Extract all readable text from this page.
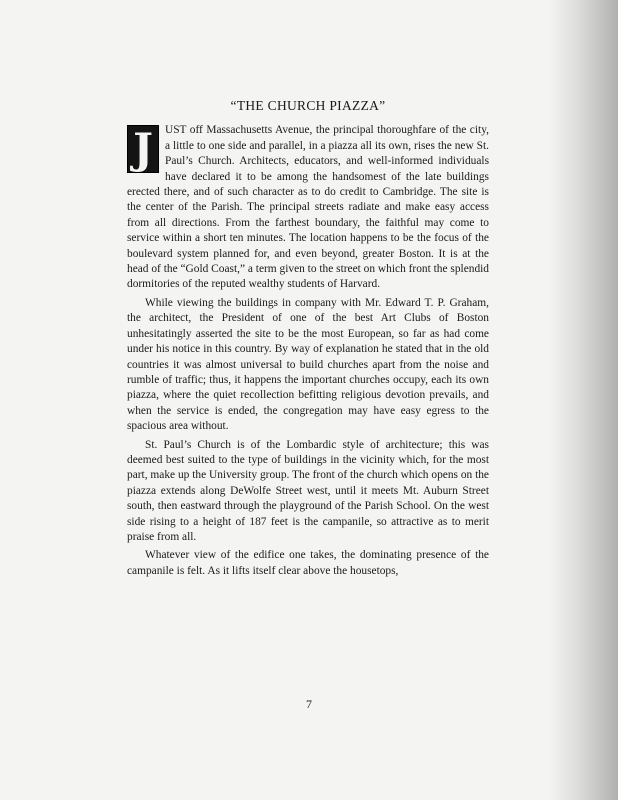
“THE CHURCH PIAZZA”

J	UST off Massachusetts Avenue, the principal thoroughfare of the city, a little to one side and parallel, in a piazza all its own, rises the new St. Paul’s Church. Architects, educators, and well-informed individuals have declared it to be among the handsomest of the late buildings erected there, and of such character as to do credit to Cambridge. The site is the center of the Parish. The principal streets radiate and make easy access from all directions. From the farthest boundary, the faithful may come to service within a short ten minutes. The location happens to be the focus of the boulevard system planned for, and even beyond, greater Boston. It is at the head of the “Gold Coast,” a term given to the street on which front the splendid dormitories of the reputed wealthy students of Harvard.

While viewing the buildings in company with Mr. Edward T. P. Graham, the architect, the President of one of the best Art Clubs of Boston unhesitatingly asserted the site to be the most European, so far as had come under his notice in this country. By way of explanation he stated that in the old countries it was almost universal to build churches apart from the noise and rumble of traffic; thus, it happens the important churches occupy, each its own piazza, where the quiet recollection befitting religious devotion prevails, and when the service is ended, the congregation may have easy egress to the spacious area without.

St. Paul’s Church is of the Lombardic style of architecture; this was deemed best suited to the type of buildings in the vicinity which, for the most part, make up the University group. The front of the church which opens on the piazza extends along DeWolfe Street west, until it meets Mt. Auburn Street south, then eastward through the playground of the Parish School. On the west side rising to a height of 187 feet is the campanile, so attractive as to merit praise from all.

Whatever view of the edifice one takes, the dominating presence of the campanile is felt. As it lifts itself clear above the housetops,

7
